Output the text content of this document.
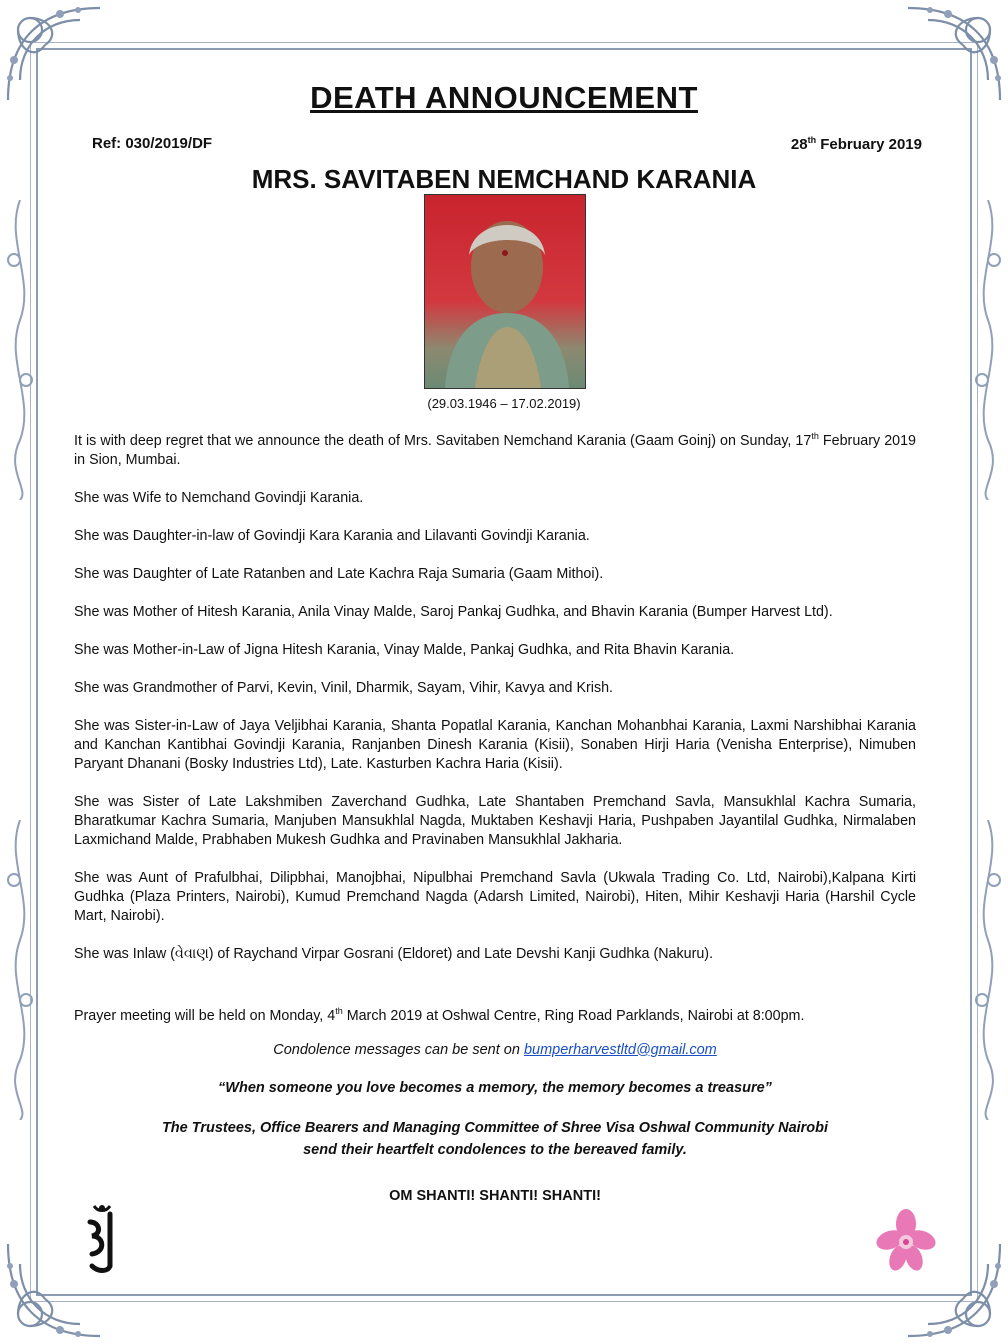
DEATH ANNOUNCEMENT
Ref: 030/2019/DF	28th February 2019
MRS. SAVITABEN NEMCHAND KARANIA
(29.03.1946 – 17.02.2019)

It is with deep regret that we announce the death of Mrs. Savitaben Nemchand Karania (Gaam Goinj) on Sunday, 17th February 2019 in Sion, Mumbai.

She was Wife to Nemchand Govindji Karania.

She was Daughter-in-law of Govindji Kara Karania and Lilavanti Govindji Karania.

She was Daughter of Late Ratanben and Late Kachra Raja Sumaria (Gaam Mithoi).

She was Mother of Hitesh Karania, Anila Vinay Malde, Saroj Pankaj Gudhka, and Bhavin Karania (Bumper Harvest Ltd).

She was Mother-in-Law of Jigna Hitesh Karania, Vinay Malde, Pankaj Gudhka, and Rita Bhavin Karania.

She was Grandmother of Parvi, Kevin, Vinil, Dharmik, Sayam, Vihir, Kavya and Krish.

She was Sister-in-Law of Jaya Veljibhai Karania, Shanta Popatlal Karania, Kanchan Mohanbhai Karania, Laxmi Narshibhai Karania and Kanchan Kantibhai Govindji Karania, Ranjanben Dinesh Karania (Kisii), Sonaben Hirji Haria (Venisha Enterprise), Nimuben Paryant Dhanani (Bosky Industries Ltd), Late. Kasturben Kachra Haria (Kisii).

She was Sister of Late Lakshmiben Zaverchand Gudhka, Late Shantaben Premchand Savla, Mansukhlal Kachra Sumaria, Bharatkumar Kachra Sumaria, Manjuben Mansukhlal Nagda, Muktaben Keshavji Haria, Pushpaben Jayantilal Gudhka, Nirmalaben Laxmichand Malde, Prabhaben Mukesh Gudhka and Pravinaben Mansukhlal Jakharia.

She was Aunt of Prafulbhai, Dilipbhai, Manojbhai, Nipulbhai Premchand Savla (Ukwala Trading Co. Ltd, Nairobi),Kalpana Kirti Gudhka (Plaza Printers, Nairobi), Kumud Premchand Nagda (Adarsh Limited, Nairobi), Hiten, Mihir Keshavji Haria (Harshil Cycle Mart, Nairobi).

She was Inlaw (વેવાણ) of Raychand Virpar Gosrani (Eldoret) and Late Devshi Kanji Gudhka (Nakuru).

Prayer meeting will be held on Monday, 4th March 2019 at Oshwal Centre, Ring Road Parklands, Nairobi at 8:00pm.

Condolence messages can be sent on bumperharvestltd@gmail.com

“When someone you love becomes a memory, the memory becomes a treasure”

The Trustees, Office Bearers and Managing Committee of Shree Visa Oshwal Community Nairobi
send their heartfelt condolences to the bereaved family.

OM SHANTI! SHANTI! SHANTI!
